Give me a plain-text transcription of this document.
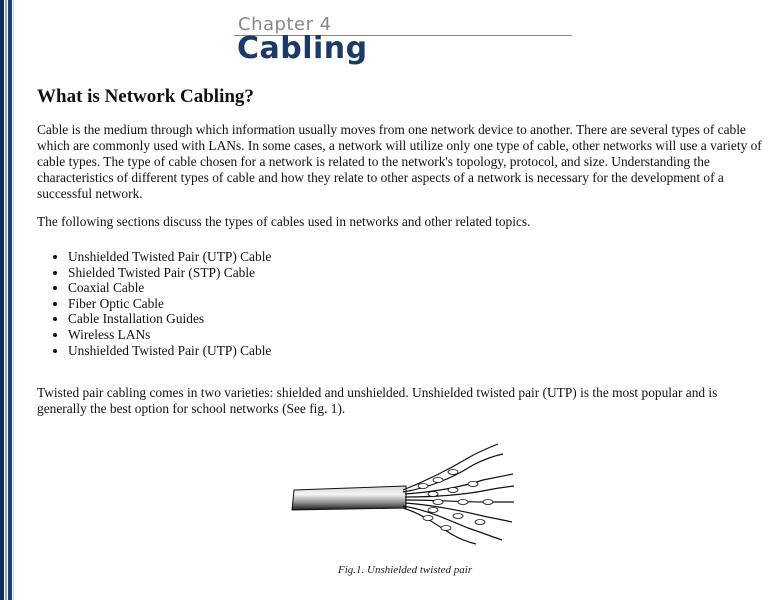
Chapter 4
Cabling
What is Network Cabling?

Cable is the medium through which information usually moves from one network device to another. There are several types of cable which are commonly used with LANs. In some cases, a network will utilize only one type of cable, other networks will use a variety of cable types. The type of cable chosen for a network is related to the network's topology, protocol, and size. Understanding the characteristics of different types of cable and how they relate to other aspects of a network is necessary for the development of a successful network.

The following sections discuss the types of cables used in networks and other related topics.

• Unshielded Twisted Pair (UTP) Cable
• Shielded Twisted Pair (STP) Cable
• Coaxial Cable
• Fiber Optic Cable
• Cable Installation Guides
• Wireless LANs
• Unshielded Twisted Pair (UTP) Cable

Twisted pair cabling comes in two varieties: shielded and unshielded. Unshielded twisted pair (UTP) is the most popular and is generally the best option for school networks (See fig. 1).

Fig.1. Unshielded twisted pair
